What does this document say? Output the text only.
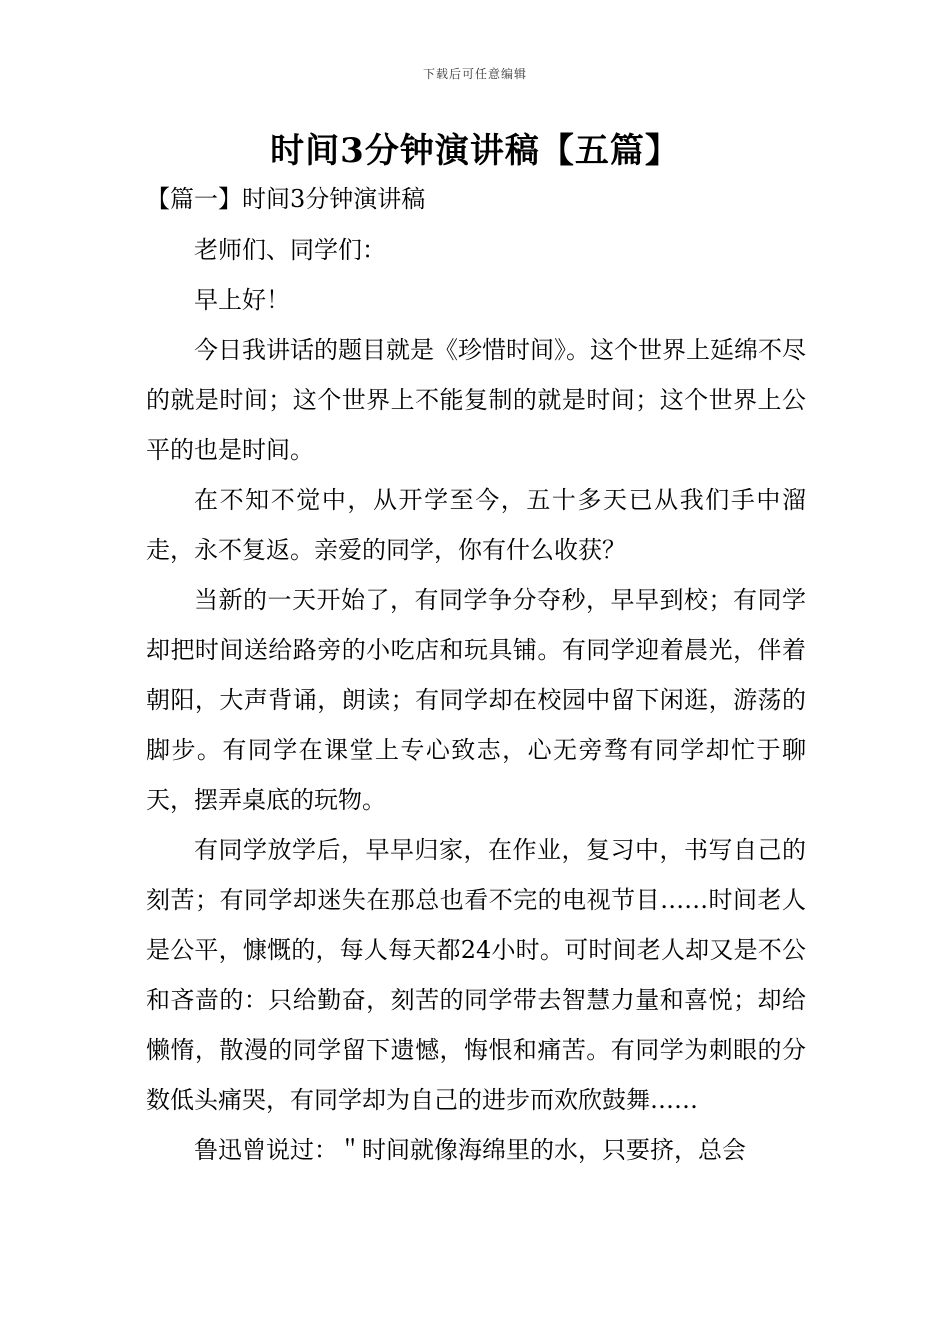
下载后可任意编辑
时间3分钟演讲稿【五篇】
【篇一】时间3分钟演讲稿

老师们、同学们：

早上好！

今日我讲话的题目就是《珍惜时间》。这个世界上延绵不尽的就是时间；这个世界上不能复制的就是时间；这个世界上公平的也是时间。

在不知不觉中，从开学至今，五十多天已从我们手中溜走，永不复返。亲爱的同学，你有什么收获？

当新的一天开始了，有同学争分夺秒，早早到校；有同学却把时间送给路旁的小吃店和玩具铺。有同学迎着晨光，伴着朝阳，大声背诵，朗读；有同学却在校园中留下闲逛，游荡的脚步。有同学在课堂上专心致志，心无旁骛有同学却忙于聊天，摆弄桌底的玩物。

有同学放学后，早早归家，在作业，复习中，书写自己的刻苦；有同学却迷失在那总也看不完的电视节目……时间老人是公平，慷慨的，每人每天都24小时。可时间老人却又是不公和吝啬的：只给勤奋，刻苦的同学带去智慧力量和喜悦；却给懒惰，散漫的同学留下遗憾，悔恨和痛苦。有同学为刺眼的分数低头痛哭，有同学却为自己的进步而欢欣鼓舞……

鲁迅曾说过：＂时间就像海绵里的水，只要挤，总会
